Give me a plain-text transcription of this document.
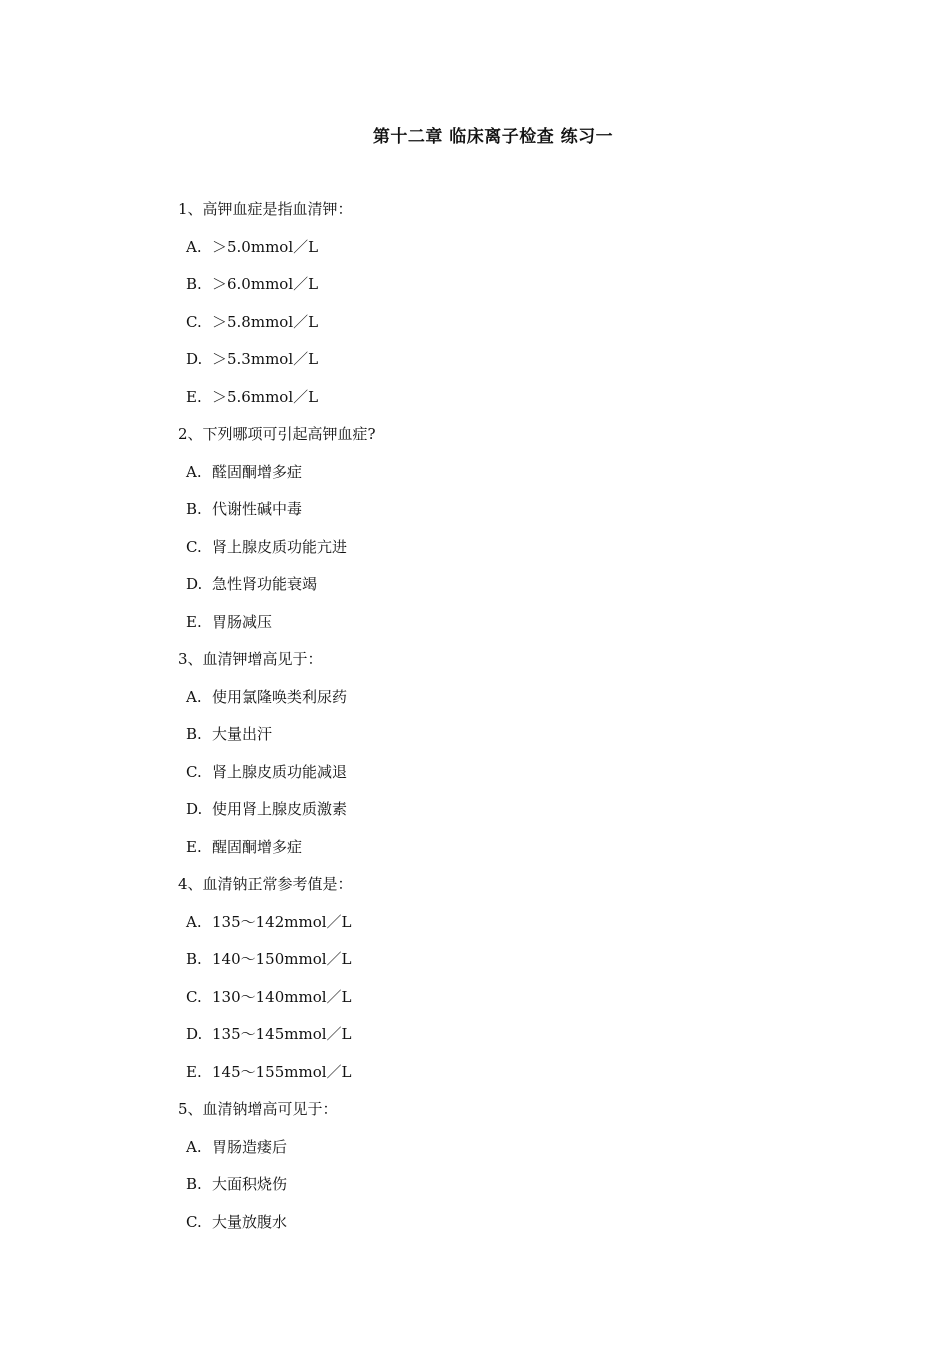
第十二章 临床离子检查 练习一
1、高钾血症是指血清钾：
A. ＞5.0mmol／L
B. ＞6.0mmol／L
C. ＞5.8mmol／L
D. ＞5.3mmol／L
E. ＞5.6mmol／L
2、下列哪项可引起高钾血症?
A. 醛固酮增多症
B. 代谢性碱中毒
C. 肾上腺皮质功能亢进
D. 急性肾功能衰竭
E. 胃肠减压
3、血清钾增高见于：
A. 使用氯隆唤类利尿药
B. 大量出汗
C. 肾上腺皮质功能减退
D. 使用肾上腺皮质激素
E. 醒固酮增多症
4、血清钠正常参考值是：
A. 135～142mmol／L
B. 140～150mmol／L
C. 130～140mmol／L
D. 135～145mmol／L
E. 145～155mmol／L
5、血清钠增高可见于：
A. 胃肠造瘘后
B. 大面积烧伤
C. 大量放腹水
